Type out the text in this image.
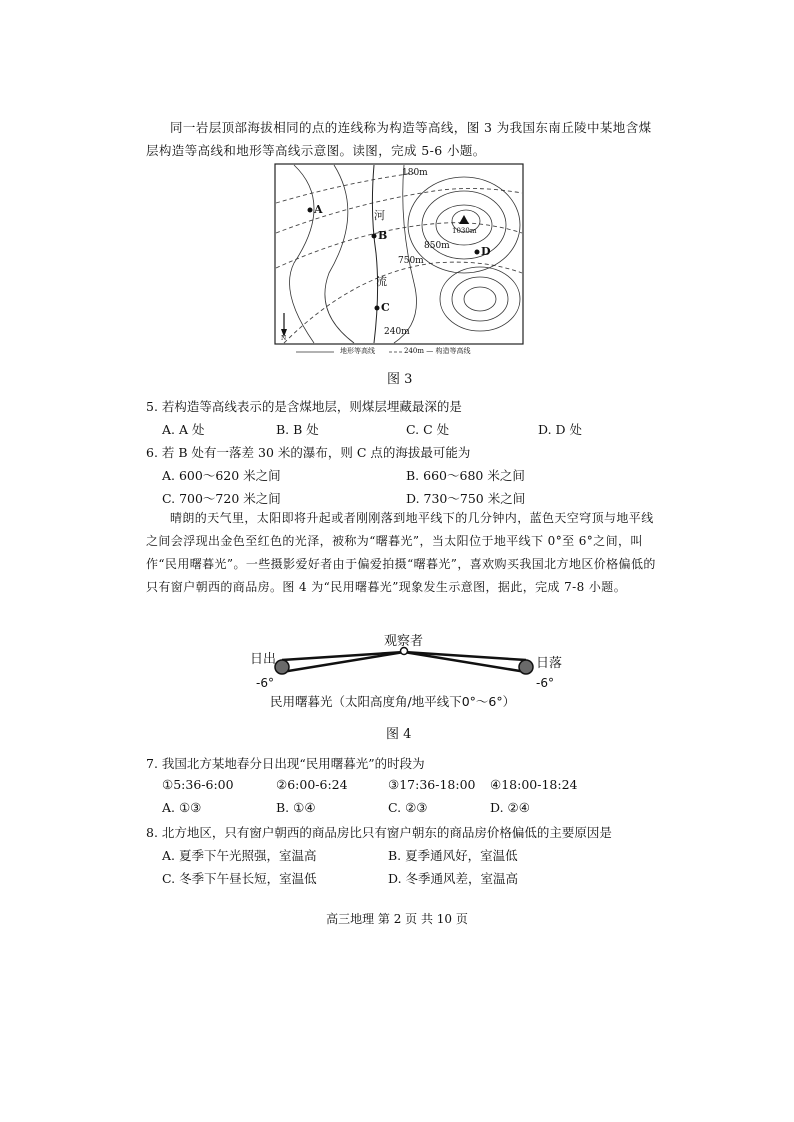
同一岩层顶部海拔相同的点的连线称为构造等高线，图 3 为我国东南丘陵中某地含煤层构造等高线和地形等高线示意图。读图，完成 5-6 小题。
180m
1030m
850m
750m
240m
河
流
A
B
C
D
N
地形等高线	240m — 构造等高线
图 3
5. 若构造等高线表示的是含煤地层，则煤层埋藏最深的是
A. A 处	B. B 处	C. C 处	D. D 处
6. 若 B 处有一落差 30 米的瀑布，则 C 点的海拔最可能为
A. 600～620 米之间	B. 660～680 米之间
C. 700～720 米之间	D. 730～750 米之间
晴朗的天气里，太阳即将升起或者刚刚落到地平线下的几分钟内，蓝色天空穹顶与地平线之间会浮现出金色至红色的光泽，被称为“曙暮光”，当太阳位于地平线下 0°至 6°之间，叫作“民用曙暮光”。一些摄影爱好者由于偏爱拍摄“曙暮光”，喜欢购买我国北方地区价格偏低的只有窗户朝西的商品房。图 4 为“民用曙暮光”现象发生示意图，据此，完成 7-8 小题。
观察者
日出	日落
-6°	-6°
民用曙暮光（太阳高度角/地平线下0°～6°）
图 4
7. 我国北方某地春分日出现“民用曙暮光”的时段为
①5:36-6:00	②6:00-6:24	③17:36-18:00 ④18:00-18:24
A. ①③	B. ①④	C. ②③	D. ②④
8. 北方地区，只有窗户朝西的商品房比只有窗户朝东的商品房价格偏低的主要原因是
A. 夏季下午光照强，室温高	B. 夏季通风好，室温低
C. 冬季下午昼长短，室温低	D. 冬季通风差，室温高
高三地理 第 2 页 共 10 页
